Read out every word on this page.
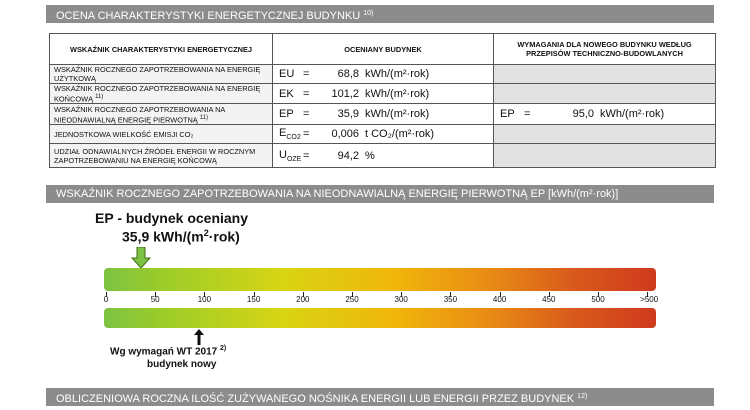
OCENA CHARAKTERYSTYKI ENERGETYCZNEJ BUDYNKU $^{10)}$
WSKAŹNIK CHARAKTERYSTYKI ENERGETYCZNEJ	OCENIANY BUDYNEK	WYMAGANIA DLA NOWEGO BUDYNKU WEDŁUG PRZEPISÓW TECHNICZNO-BUDOWLANYCH
WSKAŹNIK ROCZNEGO ZAPOTRZEBOWANIA NA ENERGIĘ UŻYTKOWĄ	EU = 68,8 kWh/(m²·rok)	

WSKAŹNIK ROCZNEGO ZAPOTRZEBOWANIA NA ENERGIĘ KOŃCOWĄ $^{11)}$	EK = 101,2 kWh/(m²·rok)	

WSKAŹNIK ROCZNEGO ZAPOTRZEBOWANIA NA NIEODNAWIALNĄ ENERGIĘ PIERWOTNĄ $^{11)}$	EP = 35,9 kWh/(m²·rok)	EP = 95,0 kWh/(m²·rok)

JEDNOSTKOWA WIELKOŚĆ EMISJI CO₂	$E_{CO2} = 0,006$ t CO₂/(m²·rok)	

UDZIAŁ ODNAWIALNYCH ŹRÓDEŁ ENERGII W ROCZNYM ZAPOTRZEBOWANIU NA ENERGIĘ KOŃCOWĄ	$U_{OZE} = 94,2$ %	

WSKAŹNIK ROCZNEGO ZAPOTRZEBOWANIA NA NIEODNAWIALNĄ ENERGIĘ PIERWOTNĄ EP [kWh/(m²·rok)]
EP - budynek oceniany
35,9 kWh/$(m^2\cdot rok)$
0	50	100	150	200	250	300	350	400	450	500	>500
Wg wymagań WT 2017 $^{2)}$
budynek nowy
OBLICZENIOWA ROCZNA ILOŚĆ ZUŻYWANEGO NOŚNIKA ENERGII LUB ENERGII PRZEZ BUDYNEK $^{12)}$
